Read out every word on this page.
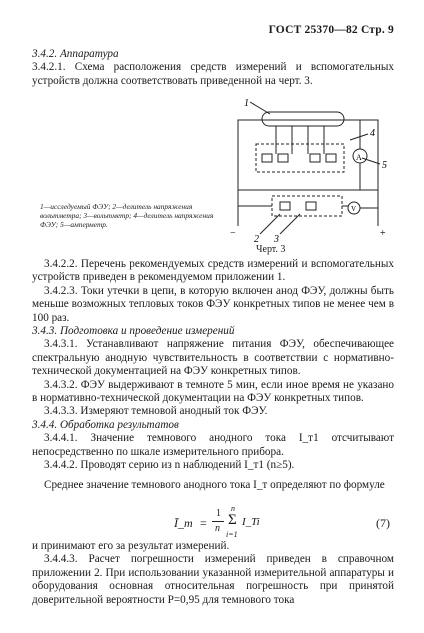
ГОСТ 25370—82 Стр. 9
3.4.2. Аппаратура
3.4.2.1. Схема расположения средств измерений и вспомогательных устройств должна соответствовать приведенной на черт. 3.
1
2 3
4
5
A
V
−	+
1—исследуемый ФЭУ; 2—делитель напряжения вольтметра; 3—вольтметр; 4—делитель напряжения ФЭУ; 5—амперметр.
Черт. 3
3.4.2.2. Перечень рекомендуемых средств измерений и вспомогательных устройств приведен в рекомендуемом приложении 1.
3.4.2.3. Токи утечки в цепи, в которую включен анод ФЭУ, должны быть меньше возможных тепловых токов ФЭУ конкретных типов не менее чем в 100 раз.
3.4.3. Подготовка и проведение измерений
3.4.3.1. Устанавливают напряжение питания ФЭУ, обеспечивающее спектральную анодную чувствительность в соответствии с нормативно-технической документацией на ФЭУ конкретных типов.
3.4.3.2. ФЭУ выдерживают в темноте 5 мин, если иное время не указано в нормативно-технической документации на ФЭУ конкретных типов.
3.4.3.3. Измеряют темновой анодный ток ФЭУ.
3.4.4. Обработка результатов
3.4.4.1. Значение темнового анодного тока I_т1 отсчитывают непосредственно по шкале измерительного прибора.
3.4.4.2. Проводят серию из n наблюдений I_т1 (n≥5).
Среднее значение темнового анодного тока I_т определяют по формуле
Ī_т =
1
n
n
Σ
i=1
I_Ti	(7)
и принимают его за результат измерений.
3.4.4.3. Расчет погрешности измерений приведен в справочном приложении 2. При использовании указанной измерительной аппаратуры и оборудования основная относительная погрешность при принятой доверительной вероятности P=0,95 для темнового тока
